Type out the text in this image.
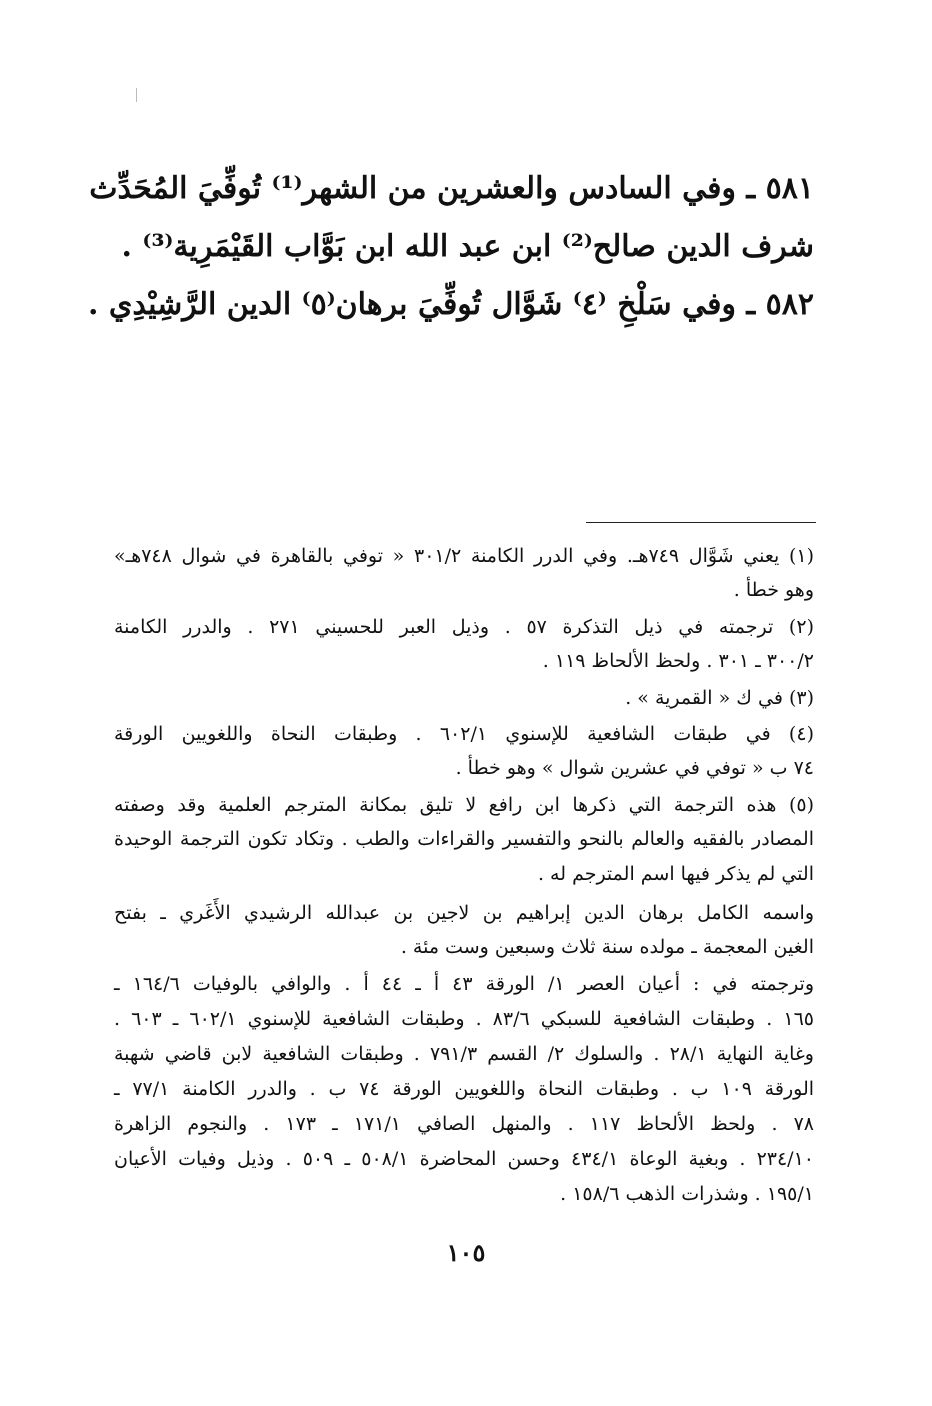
٥٨١ ـ وفي السادس والعشرين من الشهر⁽¹⁾ تُوفِّيَ المُحَدِّث
شرف الدين صالح⁽²⁾ ابن عبد الله ابن بَوَّاب القَيْمَرِية⁽³⁾ .
٥٨٢ ـ وفي سَلْخِ ⁽٤⁾ شَوَّال تُوفِّيَ برهان⁽٥⁾ الدين الرَّشِيْدِي .
(١) يعني شَوَّال ٧٤٩هـ. وفي الدرر الكامنة ٣٠١/٢ « توفي بالقاهرة في شوال ٧٤٨هـ»
وهو خطأ .
(٢) ترجمته في ذيل التذكرة ٥٧ . وذيل العبر للحسيني ٢٧١ . والدرر الكامنة
٣٠٠/٢ ـ ٣٠١ . ولحظ الألحاظ ١١٩ .
(٣) في ك « القمرية » .
(٤) في طبقات الشافعية للإسنوي ٦٠٢/١ . وطبقات النحاة واللغويين الورقة
٧٤ ب « توفي في عشرين شوال » وهو خطأ .
(٥) هذه الترجمة التي ذكرها ابن رافع لا تليق بمكانة المترجم العلمية وقد وصفته
المصادر بالفقيه والعالم بالنحو والتفسير والقراءات والطب . وتكاد تكون الترجمة الوحيدة
التي لم يذكر فيها اسم المترجم له .
واسمه الكامل برهان الدين إبراهيم بن لاجين بن عبدالله الرشيدي الأَغَري ـ بفتح
الغين المعجمة ـ مولده سنة ثلاث وسبعين وست مئة .
وترجمته في : أعيان العصر ١/ الورقة ٤٣ أ ـ ٤٤ أ . والوافي بالوفيات ١٦٤/٦ ـ
١٦٥ . وطبقات الشافعية للسبكي ٨٣/٦ . وطبقات الشافعية للإسنوي ٦٠٢/١ ـ ٦٠٣ .
وغاية النهاية ٢٨/١ . والسلوك ٢/ القسم ٧٩١/٣ . وطبقات الشافعية لابن قاضي شهبة
الورقة ١٠٩ ب . وطبقات النحاة واللغويين الورقة ٧٤ ب . والدرر الكامنة ٧٧/١ ـ
٧٨ . ولحظ الألحاظ ١١٧ . والمنهل الصافي ١٧١/١ ـ ١٧٣ . والنجوم الزاهرة
٢٣٤/١٠ . وبغية الوعاة ٤٣٤/١ وحسن المحاضرة ٥٠٨/١ ـ ٥٠٩ . وذيل وفيات الأعيان
١٩٥/١ . وشذرات الذهب ١٥٨/٦ .
١٠٥
